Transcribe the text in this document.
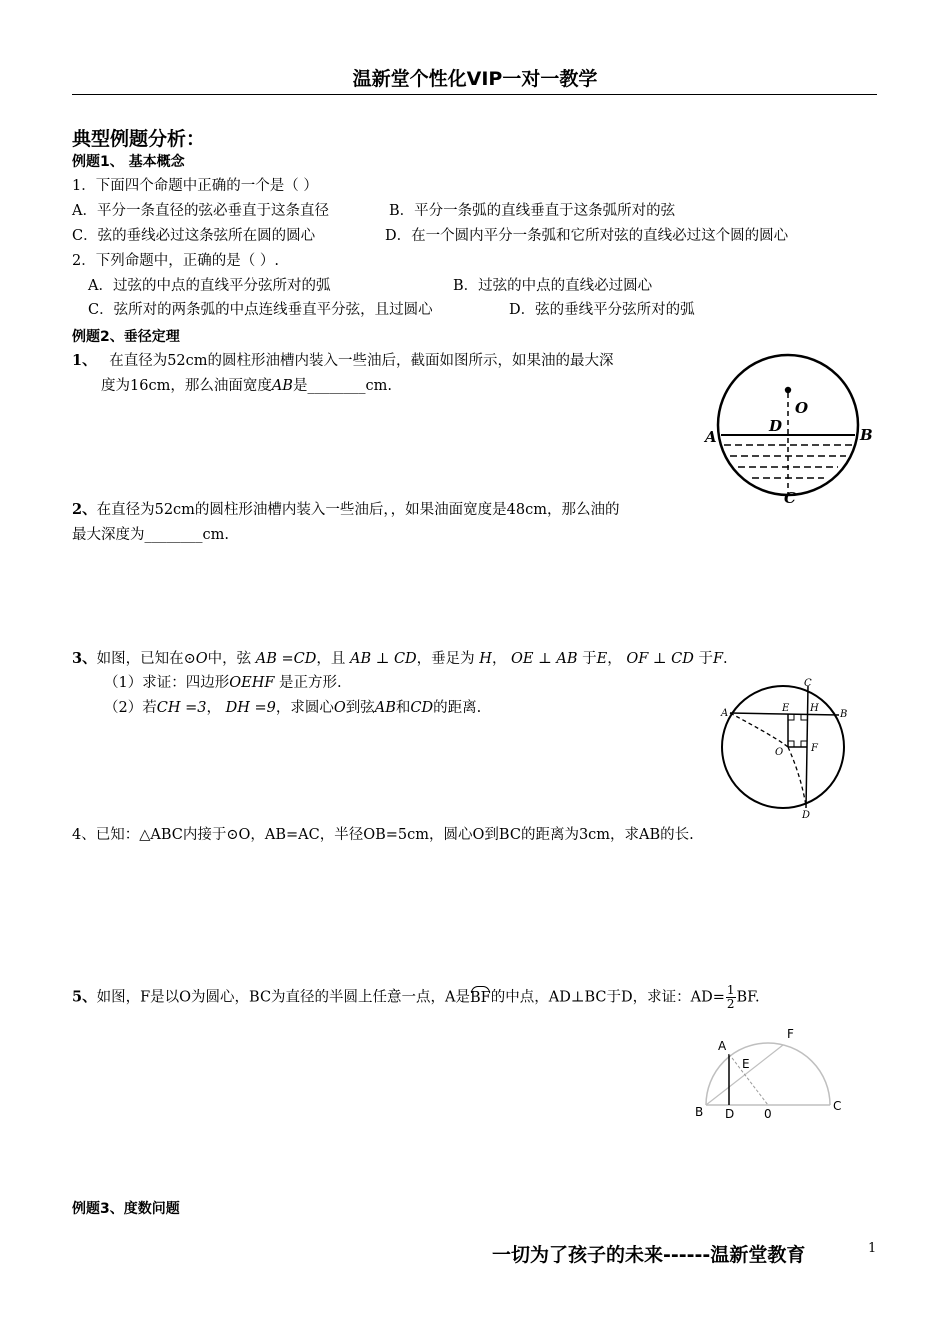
温新堂个性化VIP一对一教学
典型例题分析：
例题1、 基本概念
1．下面四个命题中正确的一个是（ ）
A．平分一条直径的弦必垂直于这条直径	B．平分一条弧的直线垂直于这条弧所对的弦
C．弦的垂线必过这条弦所在圆的圆心	D．在一个圆内平分一条弧和它所对弦的直线必过这个圆的圆心
2．下列命题中，正确的是（ ）.
A．过弦的中点的直线平分弦所对的弧	B．过弦的中点的直线必过圆心
C．弦所对的两条弧的中点连线垂直平分弦，且过圆心	D．弦的垂线平分弦所对的弧
例题2、垂径定理
1、 在直径为52cm的圆柱形油槽内装入一些油后，截面如图所示，如果油的最大深
度为16cm，那么油面宽度AB是________cm.
O
D
A	B
C
2、在直径为52cm的圆柱形油槽内装入一些油后，，如果油面宽度是48cm，那么油的
最大深度为________cm.
3、如图，已知在⊙O中，弦 AB =CD，且 AB ⊥ CD，垂足为 H， OE ⊥ AB 于E， OF ⊥ CD 于F.
（1）求证：四边形OEHF 是正方形.
（2）若CH =3， DH =9，求圆心O到弦AB和CD的距离.
C
A	B
E H
O	F
D
4、已知：△ABC内接于⊙O，AB=AC，半径OB=5cm，圆心O到BC的距离为3cm，求AB的长.
5、如图，F是以O为圆心，BC为直径的半圆上任意一点，A是BF的中点，AD⊥BC于D，求证：$AD= \frac{1}{2}$ BF.
F
A
E
B D 0
C
例题3、度数问题
一切为了孩子的未来------温新堂教育	1
